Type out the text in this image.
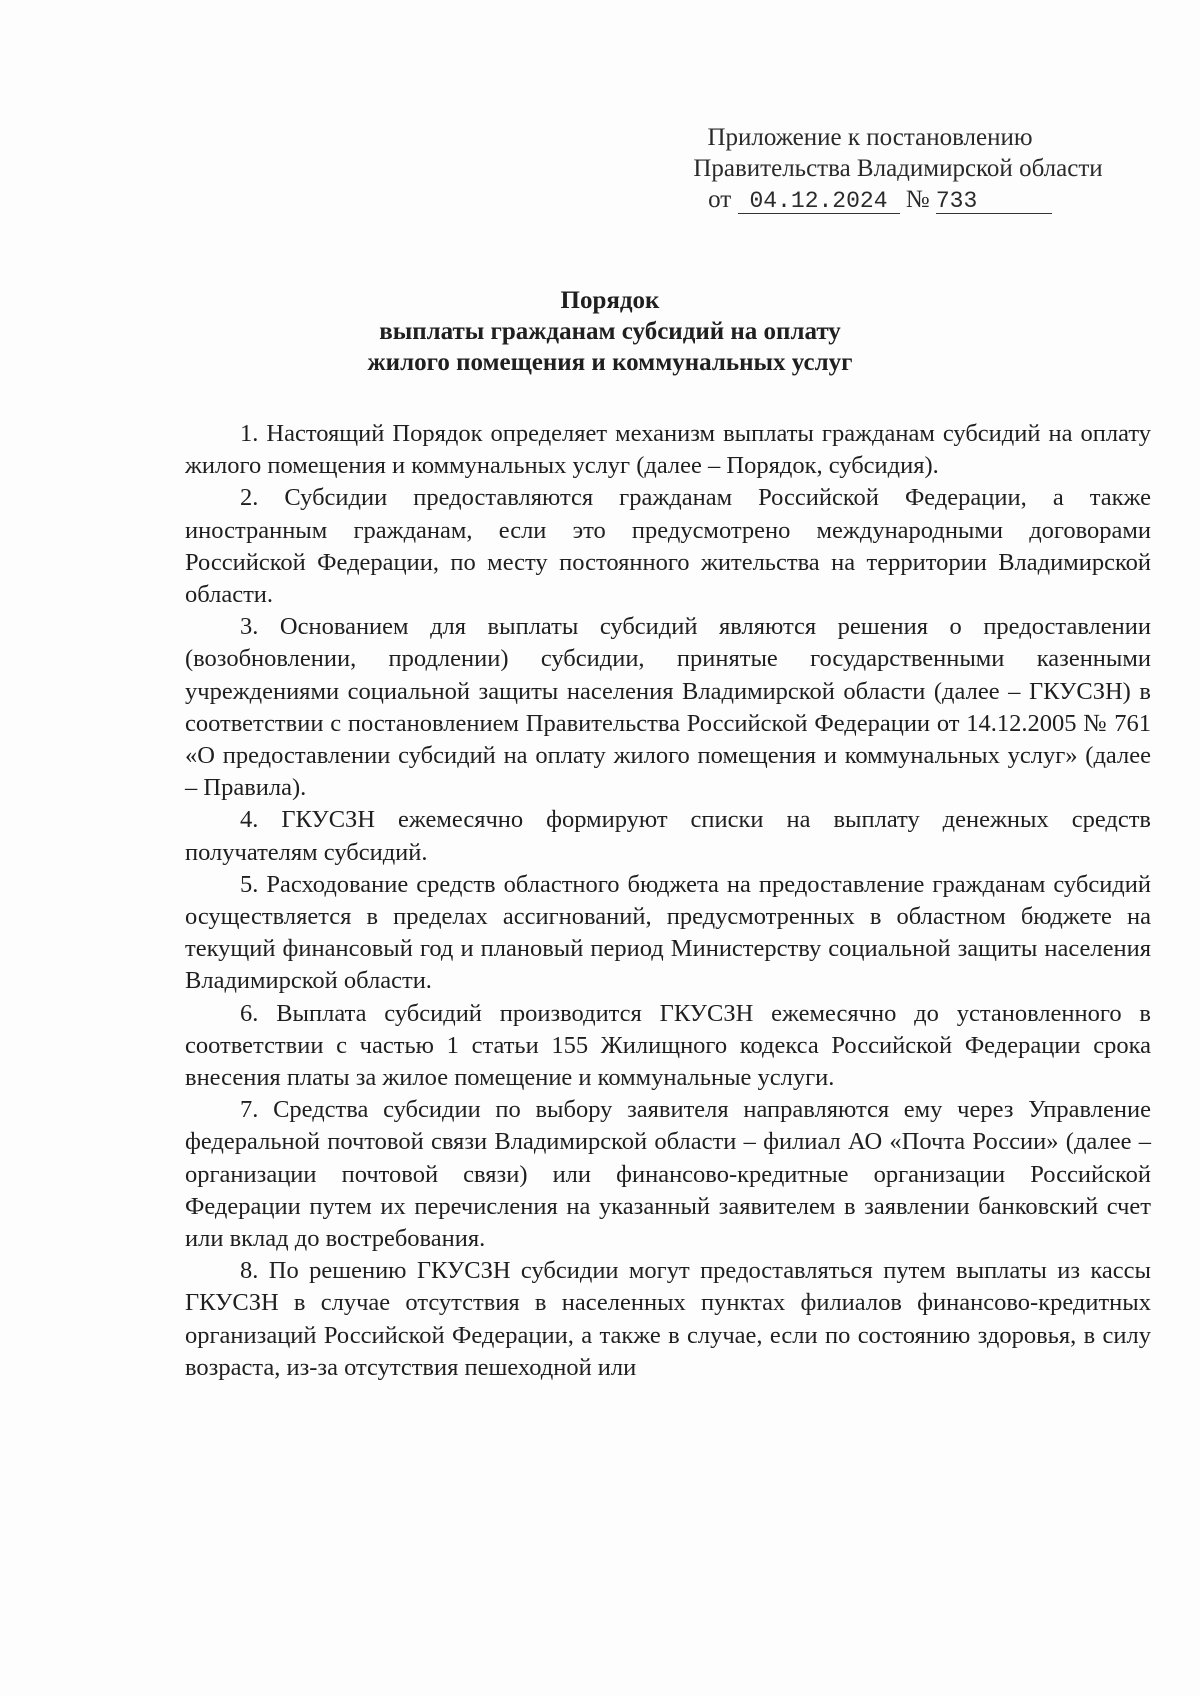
Приложение к постановлению
Правительства Владимирской области
от 04.12.2024 № 733
Порядок
выплаты гражданам субсидий на оплату
жилого помещения и коммунальных услуг

1. Настоящий Порядок определяет механизм выплаты гражданам субсидий на оплату жилого помещения и коммунальных услуг (далее – Порядок, субсидия).

2. Субсидии предоставляются гражданам Российской Федерации, а также иностранным гражданам, если это предусмотрено международными договорами Российской Федерации, по месту постоянного жительства на территории Владимирской области.

3. Основанием для выплаты субсидий являются решения о предоставлении (возобновлении, продлении) субсидии, принятые государственными казенными учреждениями социальной защиты населения Владимирской области (далее – ГКУСЗН) в соответствии с постановлением Правительства Российской Федерации от 14.12.2005 № 761 «О предоставлении субсидий на оплату жилого помещения и коммунальных услуг» (далее – Правила).

4. ГКУСЗН ежемесячно формируют списки на выплату денежных средств получателям субсидий.

5. Расходование средств областного бюджета на предоставление гражданам субсидий осуществляется в пределах ассигнований, предусмотренных в областном бюджете на текущий финансовый год и плановый период Министерству социальной защиты населения Владимирской области.

6. Выплата субсидий производится ГКУСЗН ежемесячно до установленного в соответствии с частью 1 статьи 155 Жилищного кодекса Российской Федерации срока внесения платы за жилое помещение и коммунальные услуги.

7. Средства субсидии по выбору заявителя направляются ему через Управление федеральной почтовой связи Владимирской области – филиал АО «Почта России» (далее – организации почтовой связи) или финансово-кредитные организации Российской Федерации путем их перечисления на указанный заявителем в заявлении банковский счет или вклад до востребования.

8. По решению ГКУСЗН субсидии могут предоставляться путем выплаты из кассы ГКУСЗН в случае отсутствия в населенных пунктах филиалов финансово-кредитных организаций Российской Федерации, а также в случае, если по состоянию здоровья, в силу возраста, из-за отсутствия пешеходной или
